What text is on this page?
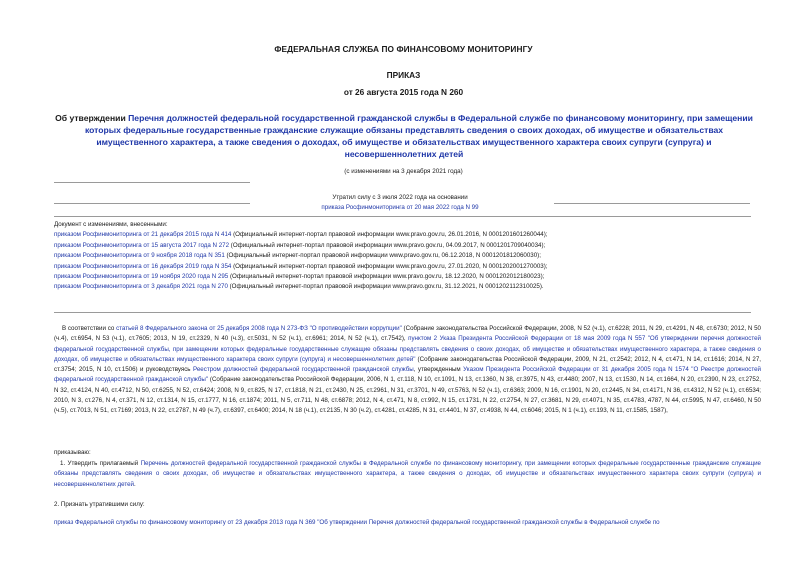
ФЕДЕРАЛЬНАЯ СЛУЖБА ПО ФИНАНСОВОМУ МОНИТОРИНГУ
ПРИКАЗ
от 26 августа 2015 года N 260
Об утверждении Перечня должностей федеральной государственной гражданской службы в Федеральной службе по финансовому мониторингу, при замещении которых федеральные государственные гражданские служащие обязаны представлять сведения о своих доходах, об имуществе и обязательствах имущественного характера, а также сведения о доходах, об имуществе и обязательствах имущественного характера своих супруги (супруга) и несовершеннолетних детей
(с изменениями на 3 декабря 2021 года)
Утратил силу с 3 июля 2022 года на основании
приказа Росфинмониторинга от 20 мая 2022 года N 99
Документ с изменениями, внесенными:
приказом Росфинмониторинга от 21 декабря 2015 года N 414 (Официальный интернет-портал правовой информации www.pravo.gov.ru, 26.01.2016, N 0001201601260044);
приказом Росфинмониторинга от 15 августа 2017 года N 272 (Официальный интернет-портал правовой информации www.pravo.gov.ru, 04.09.2017, N 0001201709040034);
приказом Росфинмониторинга от 9 ноября 2018 года N 351 (Официальный интернет-портал правовой информации www.pravo.gov.ru, 06.12.2018, N 0001201812060030);
приказом Росфинмониторинга от 16 декабря 2019 года N 354 (Официальный интернет-портал правовой информации www.pravo.gov.ru, 27.01.2020, N 0001202001270003);
приказом Росфинмониторинга от 19 ноября 2020 года N 295 (Официальный интернет-портал правовой информации www.pravo.gov.ru, 18.12.2020, N 0001202012180023);
приказом Росфинмониторинга от 3 декабря 2021 года N 270 (Официальный интернет-портал правовой информации www.pravo.gov.ru, 31.12.2021, N 0001202112310025).
В соответствии со статьей 8 Федерального закона от 25 декабря 2008 года N 273-ФЗ "О противодействии коррупции" (Собрание законодательства Российской Федерации, 2008, N 52 (ч.1), ст.6228; 2011, N 29, ст.4291, N 48, ст.6730; 2012, N 50 (ч.4), ст.6954, N 53 (ч.1), ст.7605; 2013, N 19, ст.2329, N 40 (ч.3), ст.5031, N 52 (ч.1), ст.6961; 2014, N 52 (ч.1), ст.7542), пунктом 2 Указа Президента Российской Федерации от 18 мая 2009 года N 557 "Об утверждении перечня должностей федеральной государственной службы, при замещении которых федеральные государственные служащие обязаны представлять сведения о своих доходах, об имуществе и обязательствах имущественного характера, а также сведения о доходах, об имуществе и обязательствах имущественного характера своих супруги (супруга) и несовершеннолетних детей" (Собрание законодательства Российской Федерации, 2009, N 21, ст.2542; 2012, N 4, ст.471, N 14, ст.1616; 2014, N 27, ст.3754; 2015, N 10, ст.1506) и руководствуясь Реестром должностей федеральной государственной гражданской службы, утвержденным Указом Президента Российской Федерации от 31 декабря 2005 года N 1574 "О Реестре должностей федеральной государственной гражданской службы" (Собрание законодательства Российской Федерации, 2006, N 1, ст.118, N 10, ст.1091, N 13, ст.1360, N 38, ст.3975, N 43, ст.4480; 2007, N 13, ст.1530, N 14, ст.1664, N 20, ст.2390, N 23, ст.2752, N 32, ст.4124, N 40, ст.4712, N 50, ст.6255, N 52, ст.6424; 2008, N 9, ст.825, N 17, ст.1818, N 21, ст.2430, N 25, ст.2961, N 31, ст.3701, N 49, ст.5763, N 52 (ч.1), ст.6363; 2009, N 16, ст.1901, N 20, ст.2445, N 34, ст.4171, N 36, ст.4312, N 52 (ч.1), ст.6534; 2010, N 3, ст.276, N 4, ст.371, N 12, ст.1314, N 15, ст.1777, N 16, ст.1874; 2011, N 5, ст.711, N 48, ст.6878; 2012, N 4, ст.471, N 8, ст.992, N 15, ст.1731, N 22, ст.2754, N 27, ст.3681, N 29, ст.4071, N 35, ст.4783, 4787, N 44, ст.5995, N 47, ст.6460, N 50 (ч.5), ст.7013, N 51, ст.7169; 2013, N 22, ст.2787, N 49 (ч.7), ст.6397, ст.6400; 2014, N 18 (ч.1), ст.2135, N 30 (ч.2), ст.4281, ст.4285, N 31, ст.4401, N 37, ст.4938, N 44, ст.6046; 2015, N 1 (ч.1), ст.193, N 11, ст.1585, 1587),
приказываю:
1. Утвердить прилагаемый Перечень должностей федеральной государственной гражданской службы в Федеральной службе по финансовому мониторингу, при замещении которых федеральные государственные гражданские служащие обязаны представлять сведения о своих доходах, об имуществе и обязательствах имущественного характера, а также сведения о доходах, об имуществе и обязательствах имущественного характера своих супруги (супруга) и несовершеннолетних детей.
2. Признать утратившими силу:
приказ Федеральной службы по финансовому мониторингу от 23 декабря 2013 года N 369 "Об утверждении Перечня должностей федеральной государственной гражданской службы в Федеральной службе по
